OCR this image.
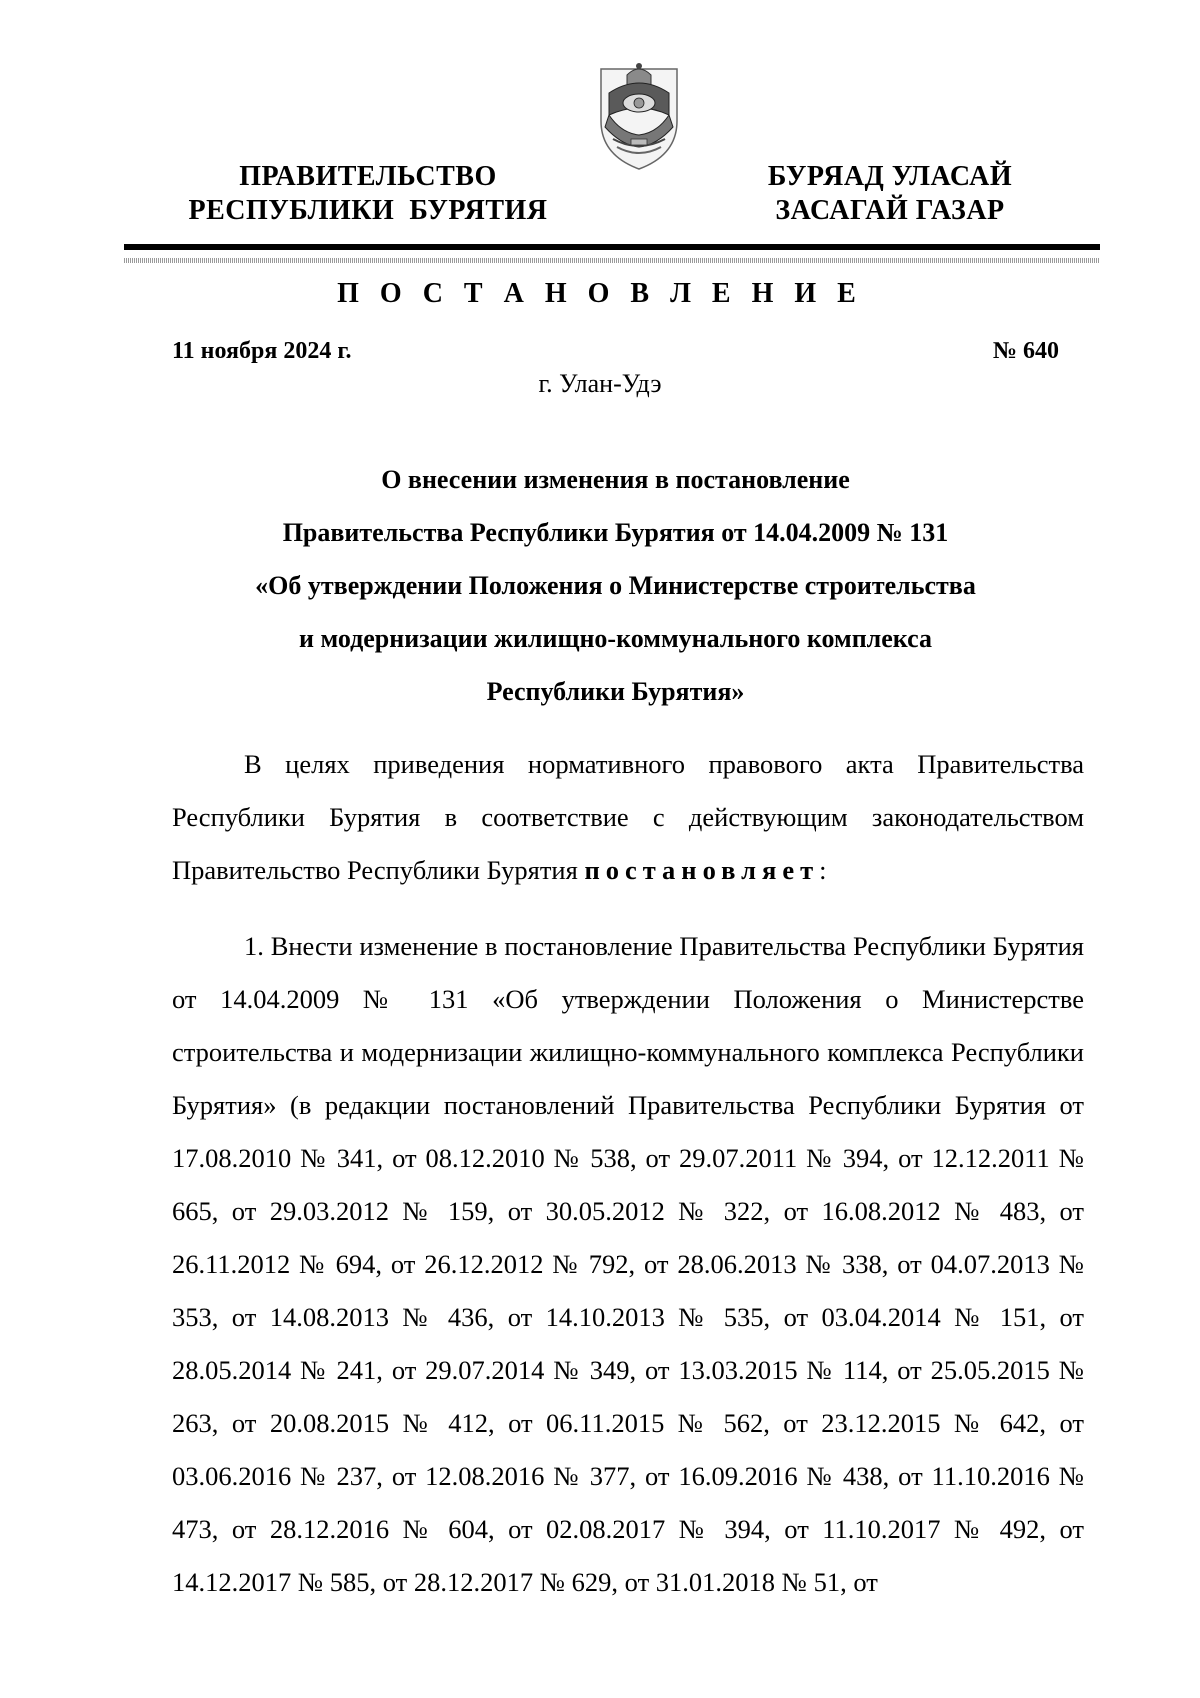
ПРАВИТЕЛЬСТВО
РЕСПУБЛИКИ  БУРЯТИЯ
БУРЯАД УЛАСАЙ
ЗАСАГАЙ ГАЗАР
П О С Т А Н О В Л Е Н И Е
11 ноября 2024 г.	№ 640
г. Улан-Удэ
О внесении изменения в постановление
Правительства Республики Бурятия от 14.04.2009 № 131
«Об утверждении Положения о Министерстве строительства
и модернизации жилищно-коммунального комплекса
Республики Бурятия»
В целях приведения нормативного правового акта Правительства Республики Бурятия в соответствие с действующим законодательством Правительство Республики Бурятия постановляет:
1. Внести изменение в постановление Правительства Республики Бурятия от 14.04.2009 № 131 «Об утверждении Положения о Министерстве строительства и модернизации жилищно-коммунального комплекса Республики Бурятия» (в редакции постановлений Правительства Республики Бурятия от 17.08.2010 № 341, от 08.12.2010 № 538, от 29.07.2011 № 394, от 12.12.2011 № 665, от 29.03.2012 № 159, от 30.05.2012 № 322, от 16.08.2012 № 483, от 26.11.2012 № 694, от 26.12.2012 № 792, от 28.06.2013 № 338, от 04.07.2013 № 353, от 14.08.2013 № 436, от 14.10.2013 № 535, от 03.04.2014 № 151, от 28.05.2014 № 241, от 29.07.2014 № 349, от 13.03.2015 № 114, от 25.05.2015 № 263, от 20.08.2015 № 412, от 06.11.2015 № 562, от 23.12.2015 № 642, от 03.06.2016 № 237, от 12.08.2016 № 377, от 16.09.2016 № 438, от 11.10.2016 № 473, от 28.12.2016 № 604, от 02.08.2017 № 394, от 11.10.2017 № 492, от 14.12.2017 № 585, от 28.12.2017 № 629, от 31.01.2018 № 51, от
